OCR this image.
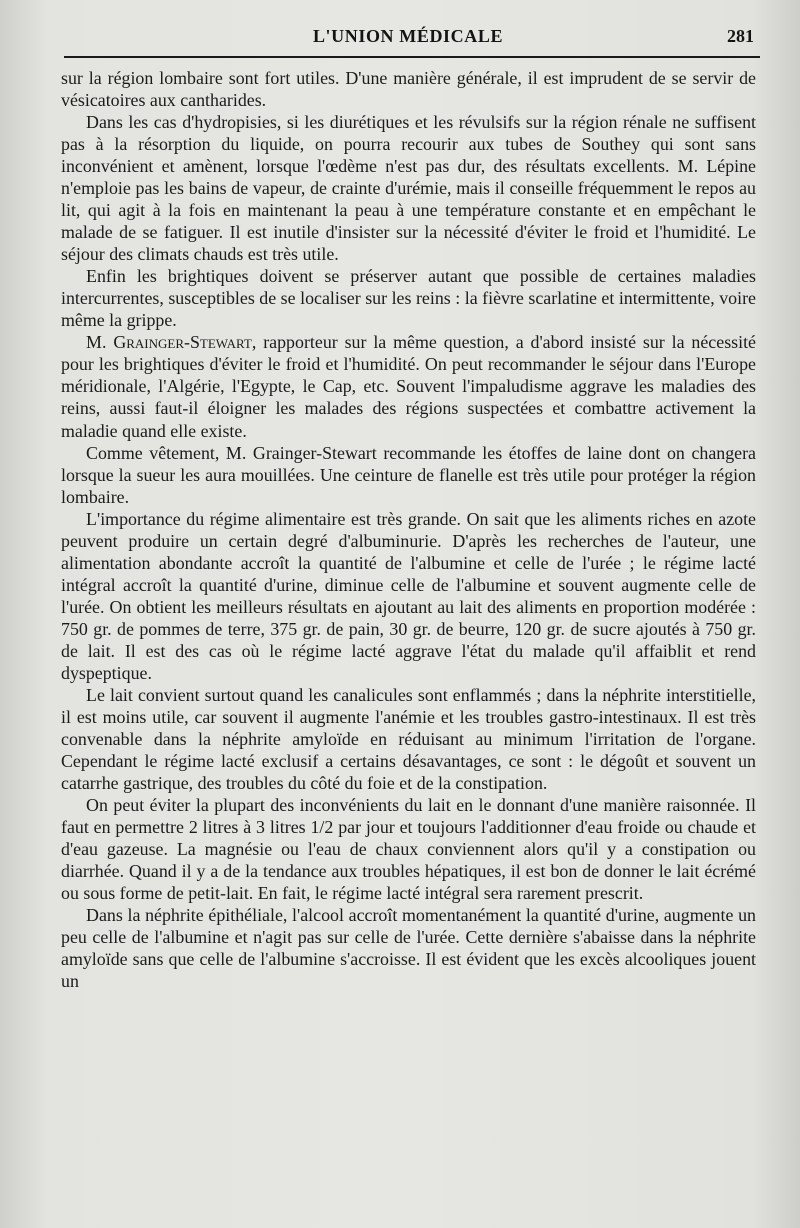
L'UNION MÉDICALE	281

sur la région lombaire sont fort utiles. D'une manière générale, il est imprudent de se servir de vésicatoires aux cantharides.

Dans les cas d'hydropisies, si les diurétiques et les révulsifs sur la région rénale ne suffisent pas à la résorption du liquide, on pourra recourir aux tubes de Southey qui sont sans inconvénient et amènent, lorsque l'œdème n'est pas dur, des résultats excellents. M. Lépine n'emploie pas les bains de vapeur, de crainte d'urémie, mais il conseille fréquemment le repos au lit, qui agit à la fois en maintenant la peau à une température constante et en empêchant le malade de se fatiguer. Il est inutile d'insister sur la nécessité d'éviter le froid et l'humidité. Le séjour des climats chauds est très utile.

Enfin les brightiques doivent se préserver autant que possible de certaines maladies intercurrentes, susceptibles de se localiser sur les reins : la fièvre scarlatine et intermittente, voire même la grippe.

M. Grainger-Stewart, rapporteur sur la même question, a d'abord insisté sur la nécessité pour les brightiques d'éviter le froid et l'humidité. On peut recommander le séjour dans l'Europe méridionale, l'Algérie, l'Egypte, le Cap, etc. Souvent l'impaludisme aggrave les maladies des reins, aussi faut-il éloigner les malades des régions suspectées et combattre activement la maladie quand elle existe.

Comme vêtement, M. Grainger-Stewart recommande les étoffes de laine dont on changera lorsque la sueur les aura mouillées. Une ceinture de flanelle est très utile pour protéger la région lombaire.

L'importance du régime alimentaire est très grande. On sait que les aliments riches en azote peuvent produire un certain degré d'albuminurie. D'après les recherches de l'auteur, une alimentation abondante accroît la quantité de l'albumine et celle de l'urée ; le régime lacté intégral accroît la quantité d'urine, diminue celle de l'albumine et souvent augmente celle de l'urée. On obtient les meilleurs résultats en ajoutant au lait des aliments en proportion modérée : 750 gr. de pommes de terre, 375 gr. de pain, 30 gr. de beurre, 120 gr. de sucre ajoutés à 750 gr. de lait. Il est des cas où le régime lacté aggrave l'état du malade qu'il affaiblit et rend dyspeptique.

Le lait convient surtout quand les canalicules sont enflammés ; dans la néphrite interstitielle, il est moins utile, car souvent il augmente l'anémie et les troubles gastro-intestinaux. Il est très convenable dans la néphrite amyloïde en réduisant au minimum l'irritation de l'organe. Cependant le régime lacté exclusif a certains désavantages, ce sont : le dégoût et souvent un catarrhe gastrique, des troubles du côté du foie et de la constipation.

On peut éviter la plupart des inconvénients du lait en le donnant d'une manière raisonnée. Il faut en permettre 2 litres à 3 litres 1/2 par jour et toujours l'additionner d'eau froide ou chaude et d'eau gazeuse. La magnésie ou l'eau de chaux conviennent alors qu'il y a constipation ou diarrhée. Quand il y a de la tendance aux troubles hépatiques, il est bon de donner le lait écrémé ou sous forme de petit-lait. En fait, le régime lacté intégral sera rarement prescrit.

Dans la néphrite épithéliale, l'alcool accroît momentanément la quantité d'urine, augmente un peu celle de l'albumine et n'agit pas sur celle de l'urée. Cette dernière s'abaisse dans la néphrite amyloïde sans que celle de l'albumine s'accroisse. Il est évident que les excès alcooliques jouent un
